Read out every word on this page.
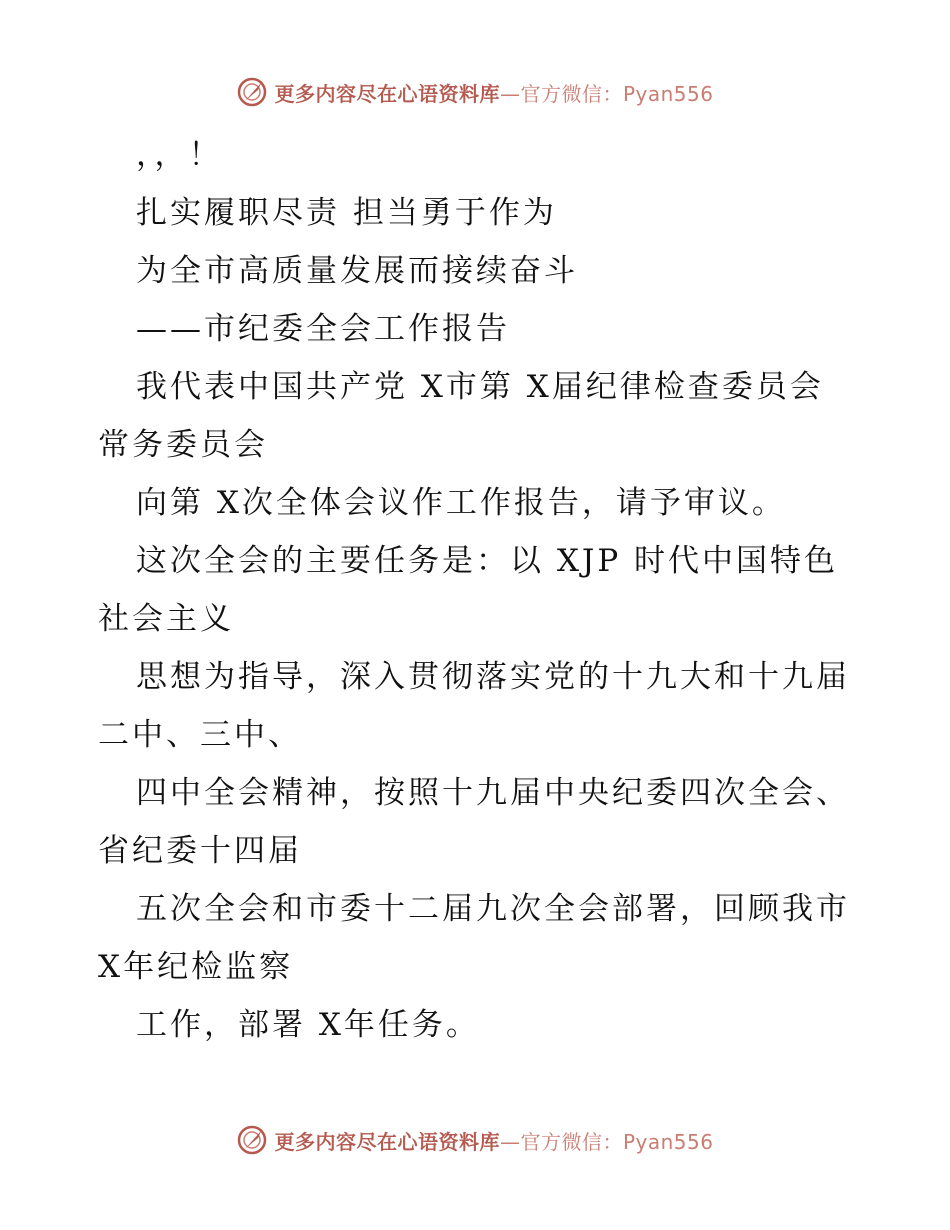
更多内容尽在心语资料库—官方微信：Pyan556
，，！
扎实履职尽责 担当勇于作为
为全市高质量发展而接续奋斗
——市纪委全会工作报告
我代表中国共产党 X市第 X届纪律检查委员会
常务委员会
向第 X次全体会议作工作报告，请予审议。
这次全会的主要任务是：以 XJP 时代中国特色
社会主义
思想为指导，深入贯彻落实党的十九大和十九届
二中、三中、
四中全会精神，按照十九届中央纪委四次全会、
省纪委十四届
五次全会和市委十二届九次全会部署，回顾我市
X年纪检监察
工作，部署 X年任务。
更多内容尽在心语资料库—官方微信：Pyan556
